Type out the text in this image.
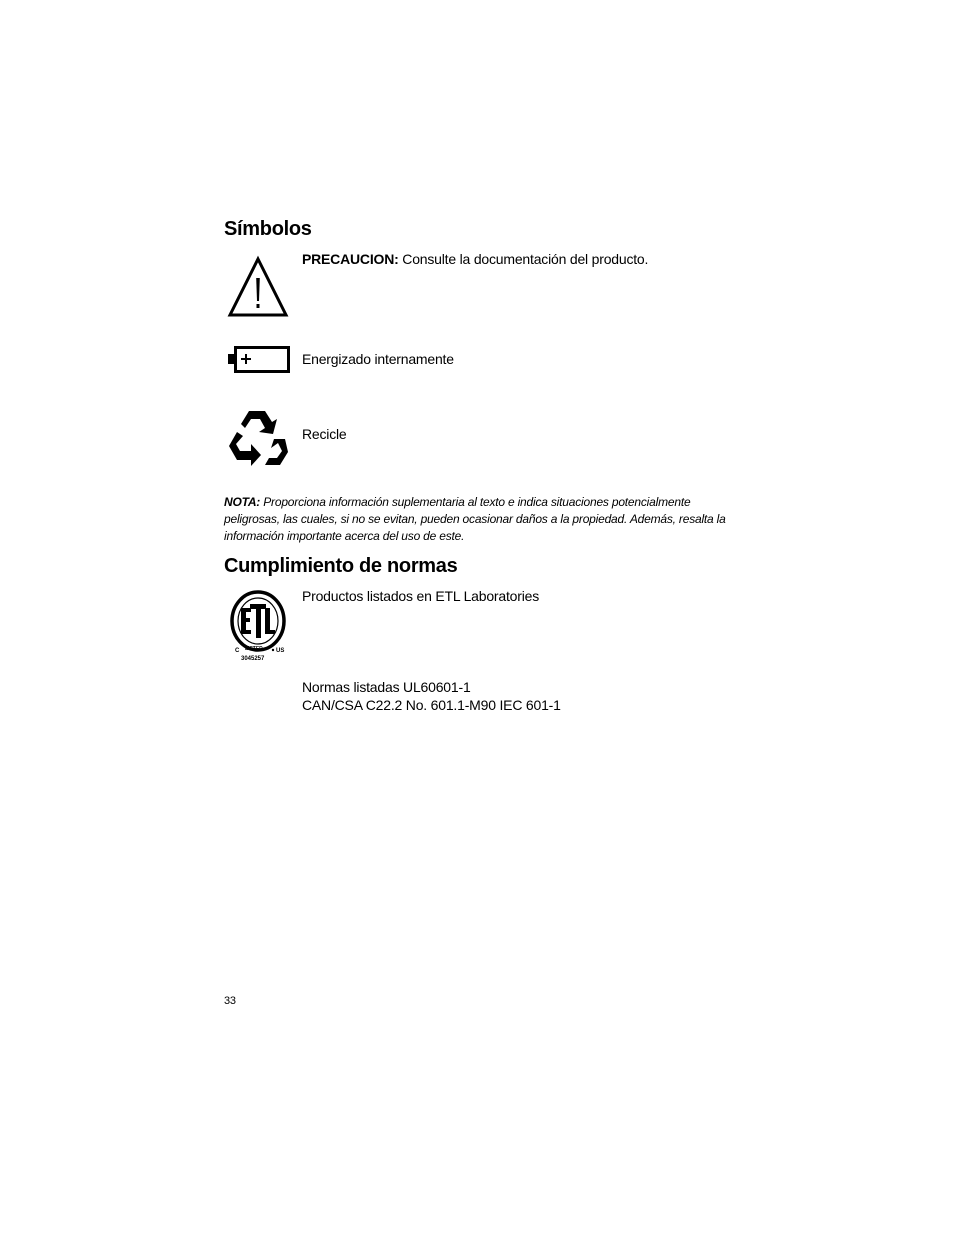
Símbolos
PRECAUCION: Consulte la documentación del producto.
Energizado internamente
Recicle
NOTA: Proporciona información suplementaria al texto e indica situaciones potencialmente peligrosas, las cuales, si no se evitan, pueden ocasionar daños a la propiedad. Además, resalta la información importante acerca del uso de este.
Cumplimiento de normas
C LISTED US
3045257
Productos listados en ETL Laboratories
Normas listadas UL60601-1
CAN/CSA C22.2 No. 601.1-M90 IEC 601-1
33
